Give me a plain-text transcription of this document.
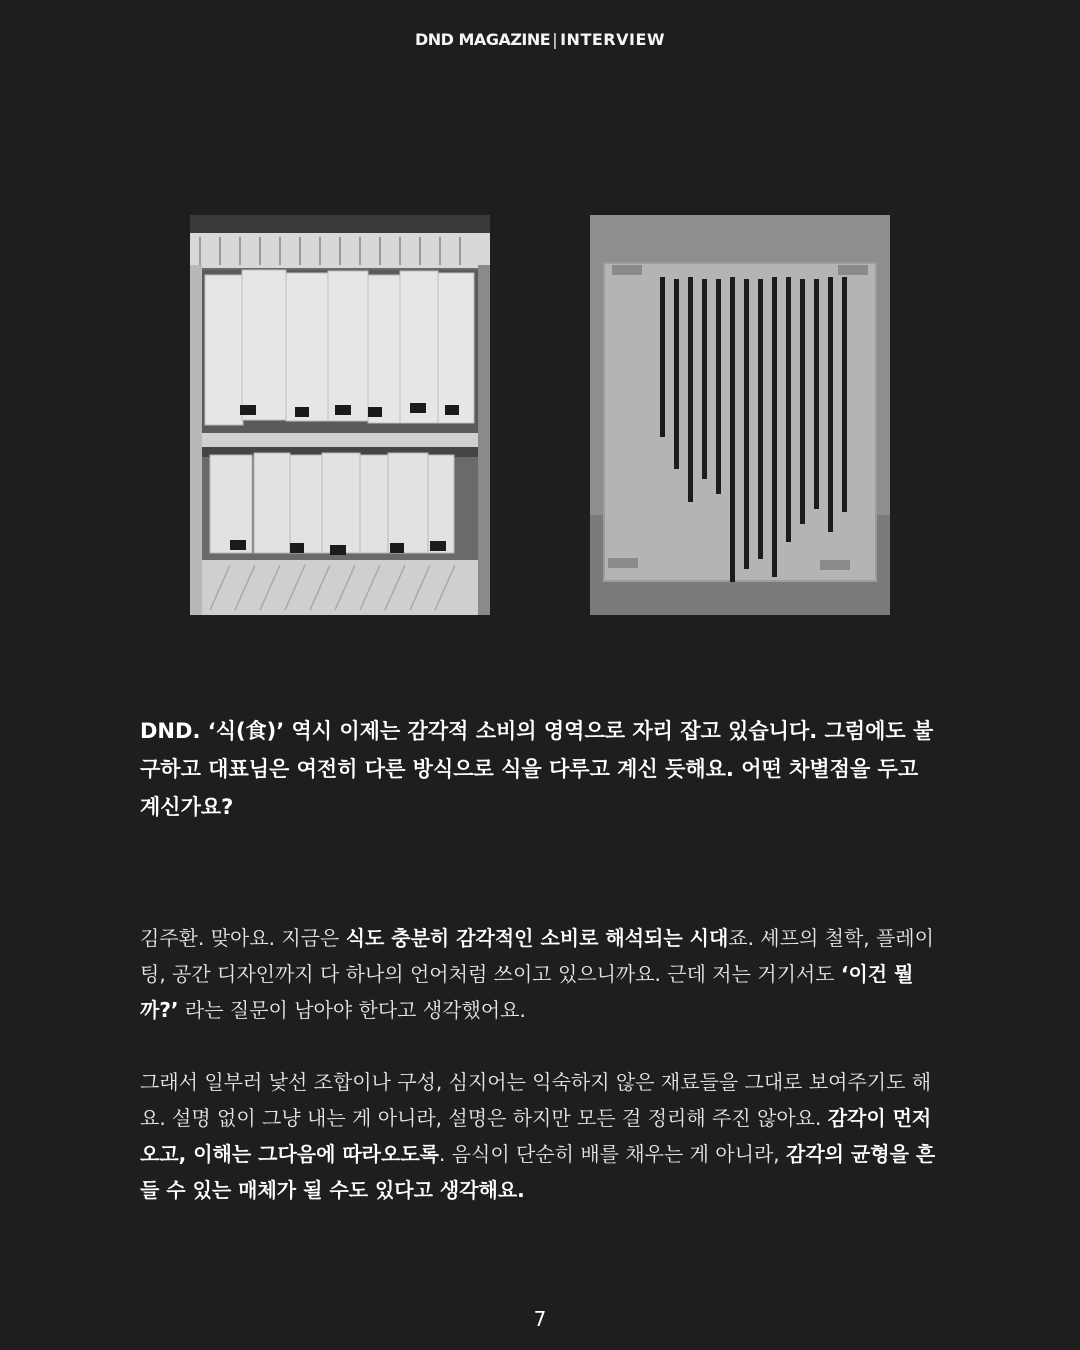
DND MAGAZINE | INTERVIEW

DND. ‘식(食)’ 역시 이제는 감각적 소비의 영역으로 자리 잡고 있습니다. 그럼에도 불구하고 대표님은 여전히 다른 방식으로 식을 다루고 계신 듯해요. 어떤 차별점을 두고 계신가요?

김주환. 맞아요. 지금은 식도 충분히 감각적인 소비로 해석되는 시대죠. 셰프의 철학, 플레이팅, 공간 디자인까지 다 하나의 언어처럼 쓰이고 있으니까요. 근데 저는 거기서도 ‘이건 뭘까?’ 라는 질문이 남아야 한다고 생각했어요.

그래서 일부러 낯선 조합이나 구성, 심지어는 익숙하지 않은 재료들을 그대로 보여주기도 해요. 설명 없이 그냥 내는 게 아니라, 설명은 하지만 모든 걸 정리해 주진 않아요. 감각이 먼저 오고, 이해는 그다음에 따라오도록. 음식이 단순히 배를 채우는 게 아니라, 감각의 균형을 흔들 수 있는 매체가 될 수도 있다고 생각해요.

7
